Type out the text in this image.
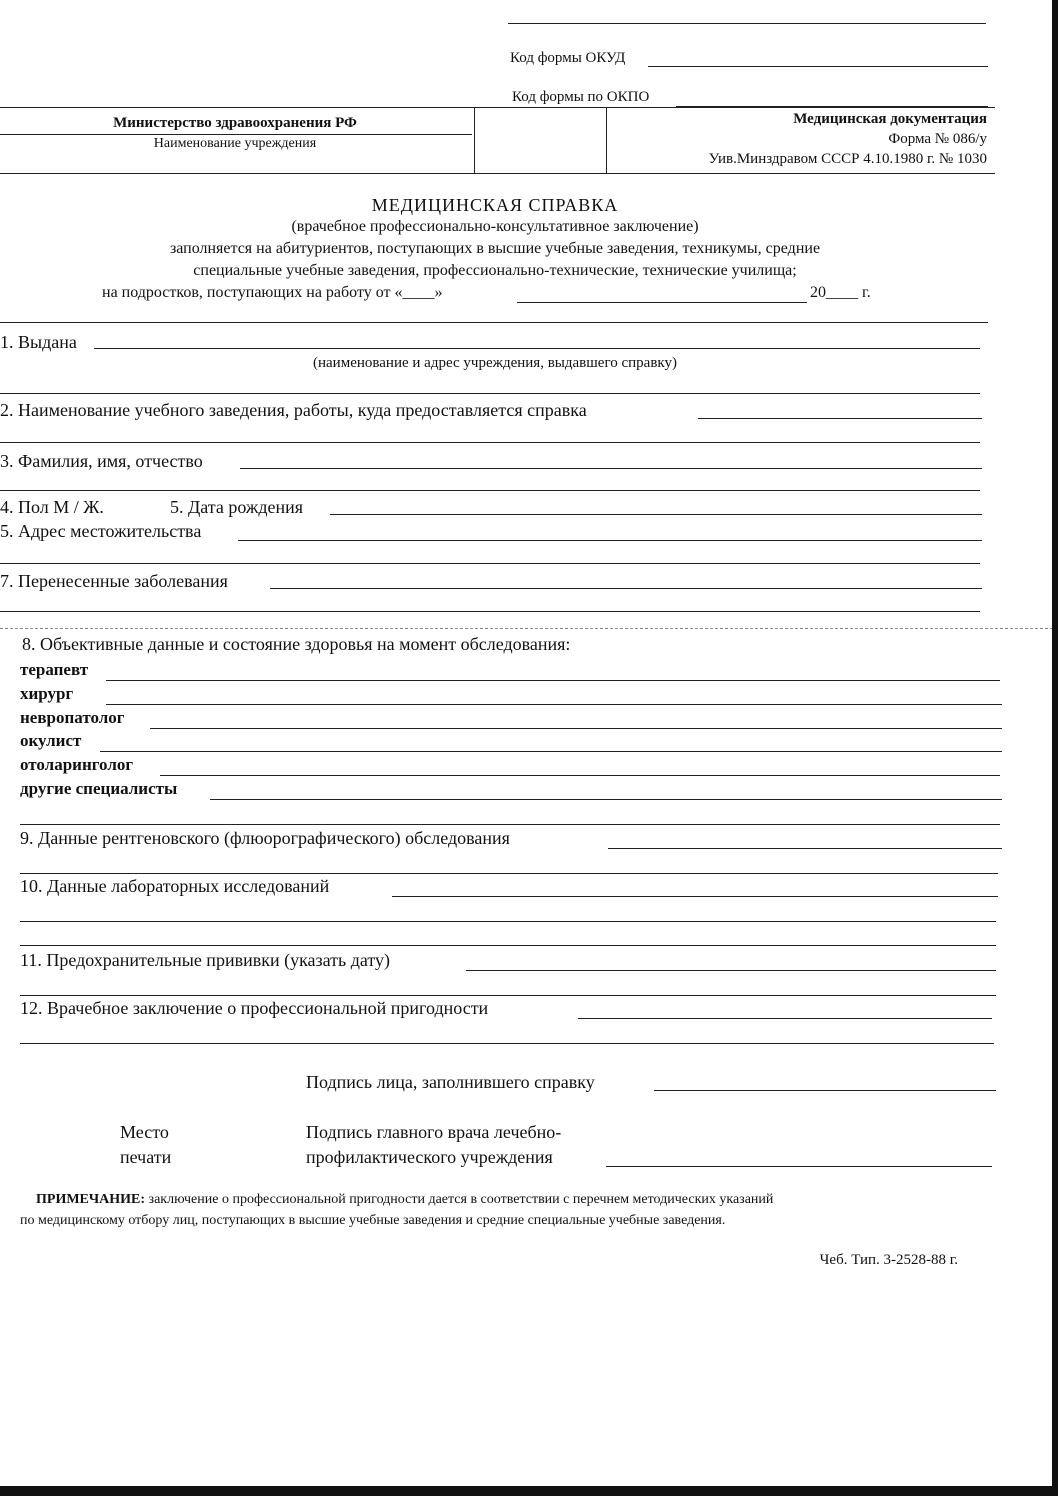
Код формы ОКУД
Код формы по ОКПО
Министерство здравоохранения РФ
Наименование учреждения
Медицинская документация
Форма № 086/у
Уив.Минздравом СССР 4.10.1980 г. № 1030
МЕДИЦИНСКАЯ СПРАВКА
(врачебное профессионально-консультативное заключение)
заполняется на абитуриентов, поступающих в высшие учебные заведения, техникумы, средние
специальные учебные заведения, профессионально-технические, технические училища;
на подростков, поступающих на работу от «____»	20____ г.
1. Выдана
(наименование и адрес учреждения, выдавшего справку)
2. Наименование учебного заведения, работы, куда предоставляется справка
3. Фамилия, имя, отчество
4. Пол М / Ж.	5. Дата рождения
5. Адрес местожительства
7. Перенесенные заболевания
8. Объективные данные и состояние здоровья на момент обследования:
терапевт
хирург
невропатолог
окулист
отоларинголог
другие специалисты
9. Данные рентгеновского (флюорографического) обследования
10. Данные лабораторных исследований
11. Предохранительные прививки (указать дату)
12. Врачебное заключение о профессиональной пригодности
Подпись лица, заполнившего справку
Место
печати
Подпись главного врача лечебно-
профилактического учреждения
ПРИМЕЧАНИЕ: заключение о профессиональной пригодности дается в соответствии с перечнем методических указаний
по медицинскому отбору лиц, поступающих в высшие учебные заведения и средние специальные учебные заведения.
Чеб. Тип. 3-2528-88 г.
